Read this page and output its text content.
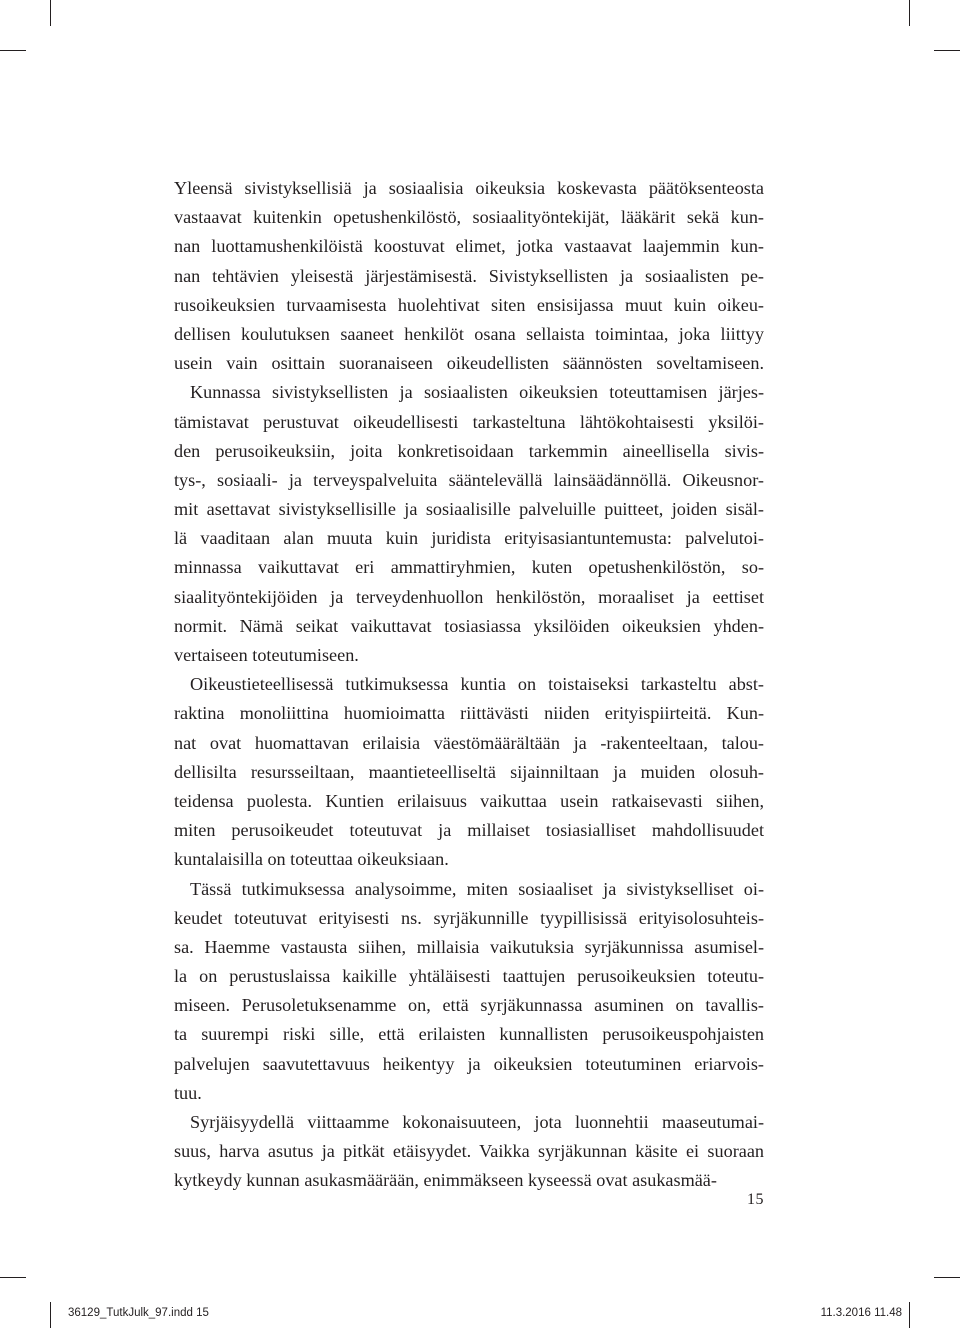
Yleensä sivistyksellisiä ja sosiaalisia oikeuksia koskevasta päätöksenteosta
vastaavat kuitenkin opetushenkilöstö, sosiaalityöntekijät, lääkärit sekä kun-
nan luottamushenkilöistä koostuvat elimet, jotka vastaavat laajemmin kun-
nan tehtävien yleisestä järjestämisestä. Sivistyksellisten ja sosiaalisten pe-
rusoikeuksien turvaamisesta huolehtivat siten ensisijassa muut kuin oikeu-
dellisen koulutuksen saaneet henkilöt osana sellaista toimintaa, joka liittyy
usein vain osittain suoranaiseen oikeudellisten säännösten soveltamiseen.
Kunnassa sivistyksellisten ja sosiaalisten oikeuksien toteuttamisen järjes-
tämistavat perustuvat oikeudellisesti tarkasteltuna lähtökohtaisesti yksilöi-
den perusoikeuksiin, joita konkretisoidaan tarkemmin aineellisella sivis-
tys-, sosiaali- ja terveyspalveluita sääntelevällä lainsäädännöllä. Oikeusnor-
mit asettavat sivistyksellisille ja sosiaalisille palveluille puitteet, joiden sisäl-
lä vaaditaan alan muuta kuin juridista erityisasiantuntemusta: palvelutoi-
minnassa vaikuttavat eri ammattiryhmien, kuten opetushenkilöstön, so-
siaalityöntekijöiden ja terveydenhuollon henkilöstön, moraaliset ja eettiset
normit. Nämä seikat vaikuttavat tosiasiassa yksilöiden oikeuksien yhden-
vertaiseen toteutumiseen.
Oikeustieteellisessä tutkimuksessa kuntia on toistaiseksi tarkasteltu abst-
raktina monoliittina huomioimatta riittävästi niiden erityispiirteitä. Kun-
nat ovat huomattavan erilaisia väestömäärältään ja -rakenteeltaan, talou-
dellisilta resursseiltaan, maantieteelliseltä sijainniltaan ja muiden olosuh-
teidensa puolesta. Kuntien erilaisuus vaikuttaa usein ratkaisevasti siihen,
miten perusoikeudet toteutuvat ja millaiset tosiasialliset mahdollisuudet
kuntalaisilla on toteuttaa oikeuksiaan.
Tässä tutkimuksessa analysoimme, miten sosiaaliset ja sivistykselliset oi-
keudet toteutuvat erityisesti ns. syrjäkunnille tyypillisissä erityisolosuhteis-
sa. Haemme vastausta siihen, millaisia vaikutuksia syrjäkunnissa asumisel-
la on perustuslaissa kaikille yhtäläisesti taattujen perusoikeuksien toteutu-
miseen. Perusoletuksenamme on, että syrjäkunnassa asuminen on tavallis-
ta suurempi riski sille, että erilaisten kunnallisten perusoikeuspohjaisten
palvelujen saavutettavuus heikentyy ja oikeuksien toteutuminen eriarvois-
tuu.
Syrjäisyydellä viittaamme kokonaisuuteen, jota luonnehtii maaseutumai-
suus, harva asutus ja pitkät etäisyydet. Vaikka syrjäkunnan käsite ei suoraan
kytkeydy kunnan asukasmäärään, enimmäkseen kyseessä ovat asukasmää-
15
36129_TutkJulk_97.indd 15	11.3.2016 11.48
